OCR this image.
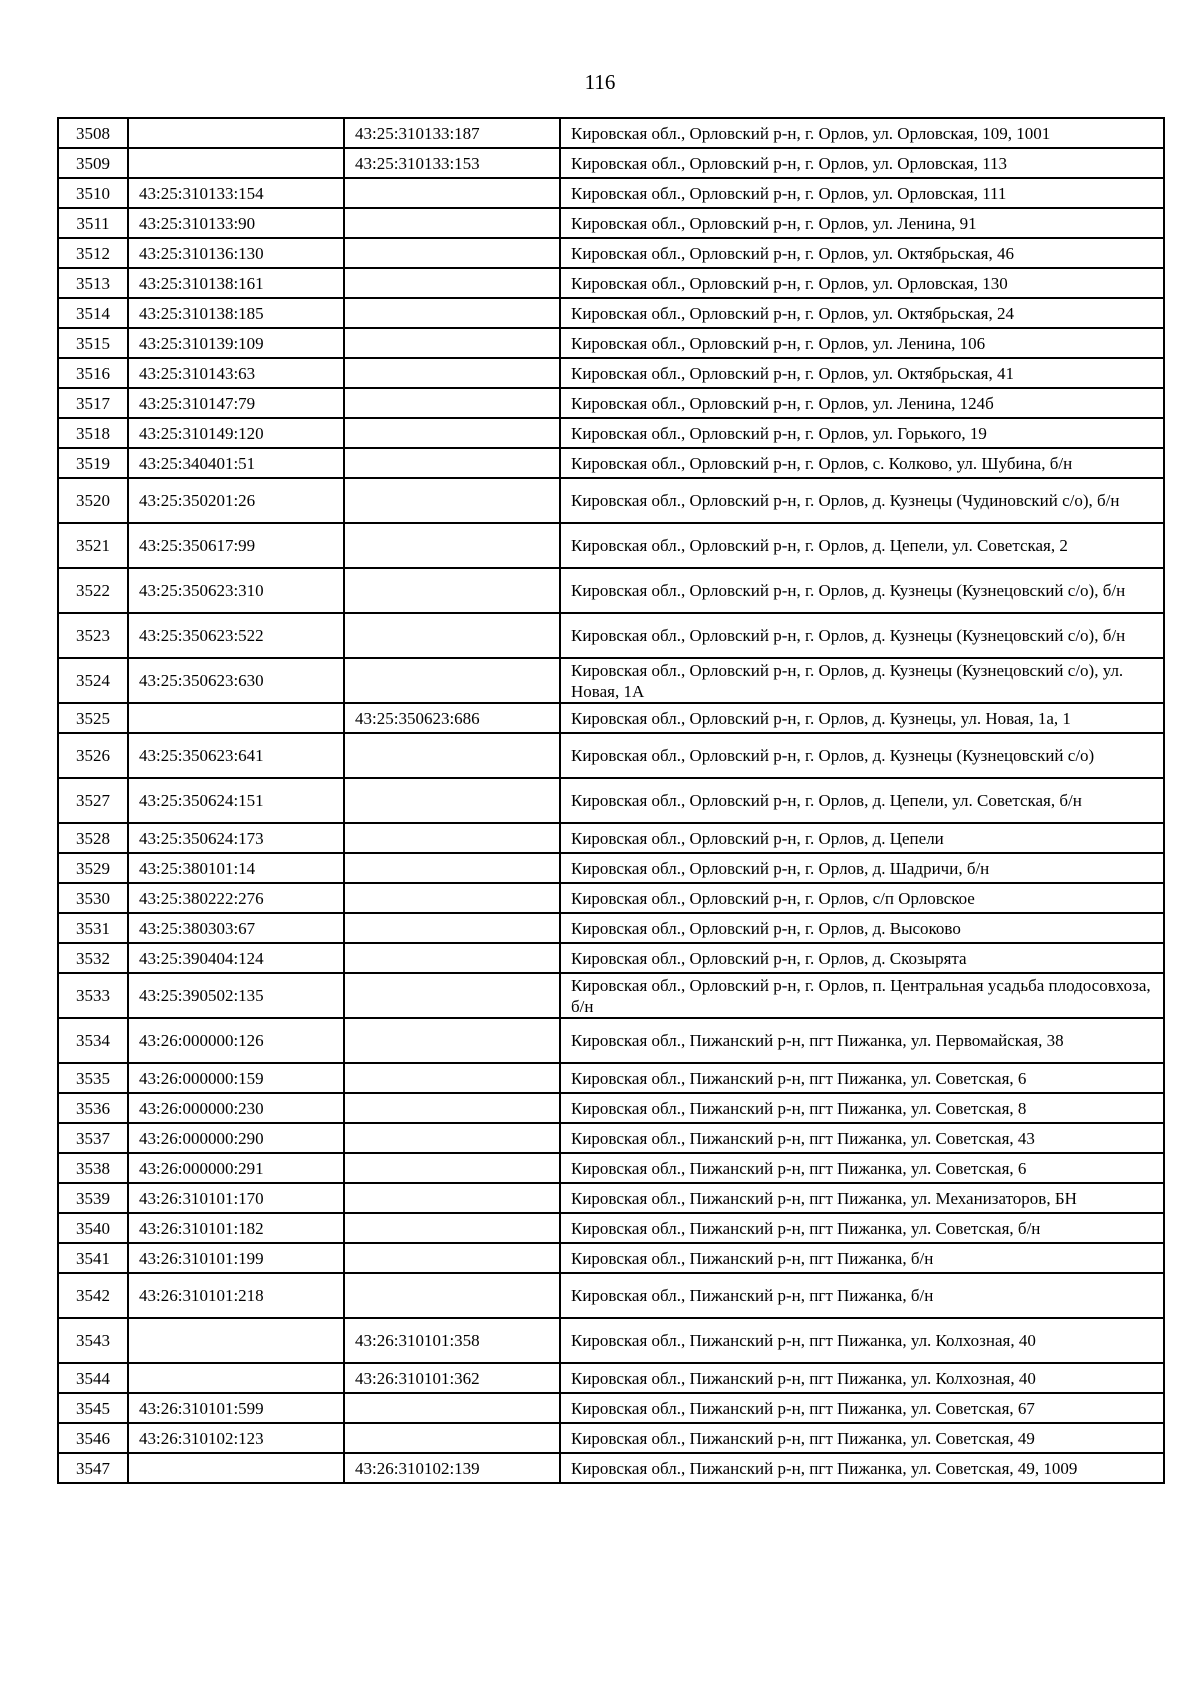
116
3508		43:25:310133:187	Кировская обл., Орловский р-н, г. Орлов, ул. Орловская, 109, 1001
3509		43:25:310133:153	Кировская обл., Орловский р-н, г. Орлов, ул. Орловская, 113
3510	43:25:310133:154		Кировская обл., Орловский р-н, г. Орлов, ул. Орловская, 111
3511	43:25:310133:90		Кировская обл., Орловский р-н, г. Орлов, ул. Ленина, 91
3512	43:25:310136:130		Кировская обл., Орловский р-н, г. Орлов, ул. Октябрьская, 46
3513	43:25:310138:161		Кировская обл., Орловский р-н, г. Орлов, ул. Орловская, 130
3514	43:25:310138:185		Кировская обл., Орловский р-н, г. Орлов, ул. Октябрьская, 24
3515	43:25:310139:109		Кировская обл., Орловский р-н, г. Орлов, ул. Ленина, 106
3516	43:25:310143:63		Кировская обл., Орловский р-н, г. Орлов, ул. Октябрьская, 41
3517	43:25:310147:79		Кировская обл., Орловский р-н, г. Орлов, ул. Ленина, 124б
3518	43:25:310149:120		Кировская обл., Орловский р-н, г. Орлов, ул. Горького, 19
3519	43:25:340401:51		Кировская обл., Орловский р-н, г. Орлов, с. Колково, ул. Шубина, б/н
3520	43:25:350201:26		Кировская обл., Орловский р-н, г. Орлов, д. Кузнецы (Чудиновский с/о), б/н
3521	43:25:350617:99		Кировская обл., Орловский р-н, г. Орлов, д. Цепели, ул. Советская, 2
3522	43:25:350623:310		Кировская обл., Орловский р-н, г. Орлов, д. Кузнецы (Кузнецовский с/о), б/н
3523	43:25:350623:522		Кировская обл., Орловский р-н, г. Орлов, д. Кузнецы (Кузнецовский с/о), б/н
3524	43:25:350623:630		Кировская обл., Орловский р-н, г. Орлов, д. Кузнецы (Кузнецовский с/о), ул. Новая, 1А
3525		43:25:350623:686	Кировская обл., Орловский р-н, г. Орлов, д. Кузнецы, ул. Новая, 1а, 1
3526	43:25:350623:641		Кировская обл., Орловский р-н, г. Орлов, д. Кузнецы (Кузнецовский с/о)
3527	43:25:350624:151		Кировская обл., Орловский р-н, г. Орлов, д. Цепели, ул. Советская, б/н
3528	43:25:350624:173		Кировская обл., Орловский р-н, г. Орлов, д. Цепели
3529	43:25:380101:14		Кировская обл., Орловский р-н, г. Орлов, д. Шадричи, б/н
3530	43:25:380222:276		Кировская обл., Орловский р-н, г. Орлов, с/п Орловское
3531	43:25:380303:67		Кировская обл., Орловский р-н, г. Орлов, д. Высоково
3532	43:25:390404:124		Кировская обл., Орловский р-н, г. Орлов, д. Скозырята
3533	43:25:390502:135		Кировская обл., Орловский р-н, г. Орлов, п. Центральная усадьба плодосовхоза, б/н
3534	43:26:000000:126		Кировская обл., Пижанский р-н, пгт Пижанка, ул. Первомайская, 38
3535	43:26:000000:159		Кировская обл., Пижанский р-н, пгт Пижанка, ул. Советская, 6
3536	43:26:000000:230		Кировская обл., Пижанский р-н, пгт Пижанка, ул. Советская, 8
3537	43:26:000000:290		Кировская обл., Пижанский р-н, пгт Пижанка, ул. Советская, 43
3538	43:26:000000:291		Кировская обл., Пижанский р-н, пгт Пижанка, ул. Советская, 6
3539	43:26:310101:170		Кировская обл., Пижанский р-н, пгт Пижанка, ул. Механизаторов, БН
3540	43:26:310101:182		Кировская обл., Пижанский р-н, пгт Пижанка, ул. Советская, б/н
3541	43:26:310101:199		Кировская обл., Пижанский р-н, пгт Пижанка, б/н
3542	43:26:310101:218		Кировская обл., Пижанский р-н, пгт Пижанка, б/н
3543		43:26:310101:358	Кировская обл., Пижанский р-н, пгт Пижанка, ул. Колхозная, 40
3544		43:26:310101:362	Кировская обл., Пижанский р-н, пгт Пижанка, ул. Колхозная, 40
3545	43:26:310101:599		Кировская обл., Пижанский р-н, пгт Пижанка, ул. Советская, 67
3546	43:26:310102:123		Кировская обл., Пижанский р-н, пгт Пижанка, ул. Советская, 49
3547		43:26:310102:139	Кировская обл., Пижанский р-н, пгт Пижанка, ул. Советская, 49, 1009
